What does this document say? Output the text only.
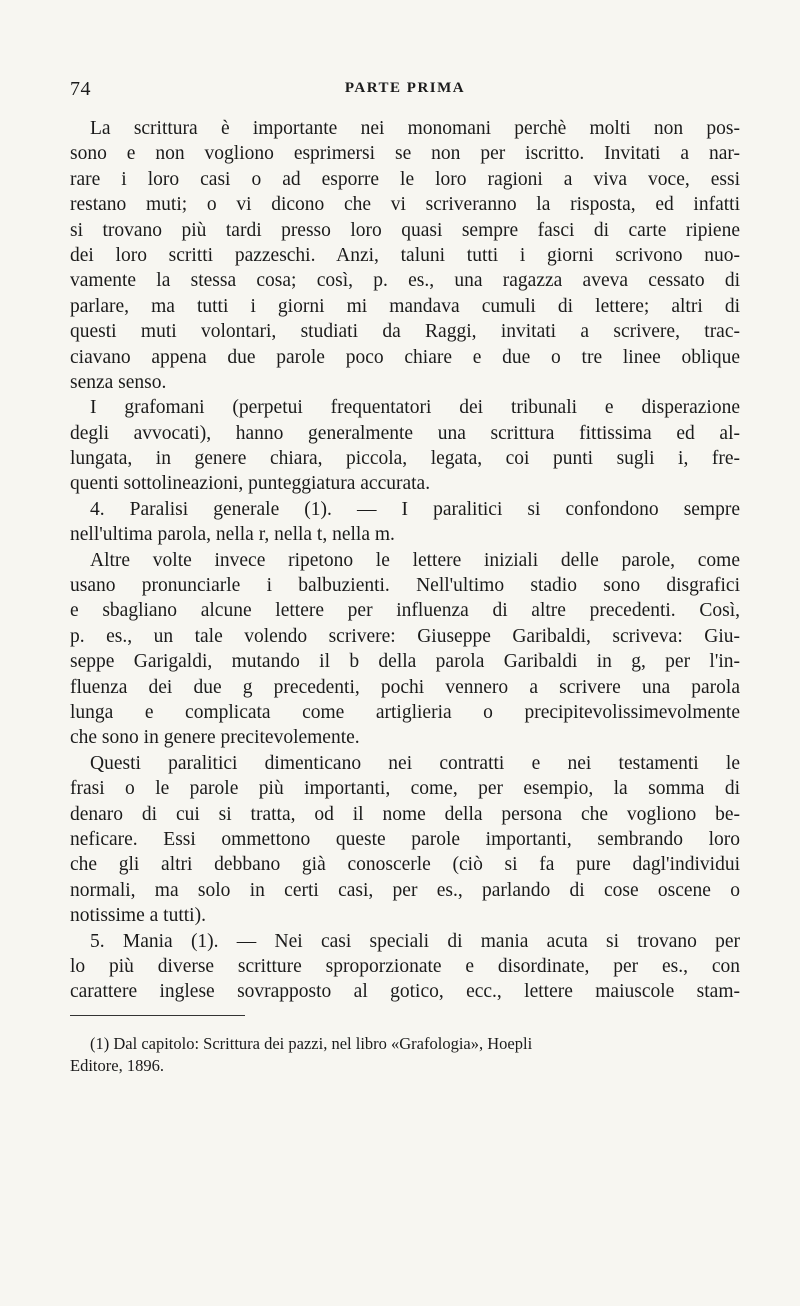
74	PARTE PRIMA
La scrittura è importante nei monomani perchè molti non pos-
sono e non vogliono esprimersi se non per iscritto. Invitati a nar-
rare i loro casi o ad esporre le loro ragioni a viva voce, essi
restano muti; o vi dicono che vi scriveranno la risposta, ed infatti
si trovano più tardi presso loro quasi sempre fasci di carte ripiene
dei loro scritti pazzeschi. Anzi, taluni tutti i giorni scrivono nuo-
vamente la stessa cosa; così, p. es., una ragazza aveva cessato di
parlare, ma tutti i giorni mi mandava cumuli di lettere; altri di
questi muti volontari, studiati da Raggi, invitati a scrivere, trac-
ciavano appena due parole poco chiare e due o tre linee oblique
senza senso.
I grafomani (perpetui frequentatori dei tribunali e disperazione
degli avvocati), hanno generalmente una scrittura fittissima ed al-
lungata, in genere chiara, piccola, legata, coi punti sugli i, fre-
quenti sottolineazioni, punteggiatura accurata.
4. Paralisi generale (1). — I paralitici si confondono sempre
nell'ultima parola, nella r, nella t, nella m.
Altre volte invece ripetono le lettere iniziali delle parole, come
usano pronunciarle i balbuzienti. Nell'ultimo stadio sono disgrafici
e sbagliano alcune lettere per influenza di altre precedenti. Così,
p. es., un tale volendo scrivere: Giuseppe Garibaldi, scriveva: Giu-
seppe Garigaldi, mutando il b della parola Garibaldi in g, per l'in-
fluenza dei due g precedenti, pochi vennero a scrivere una parola
lunga e complicata come artiglieria o precipitevolissimevolmente
che sono in genere precitevolemente.
Questi paralitici dimenticano nei contratti e nei testamenti le
frasi o le parole più importanti, come, per esempio, la somma di
denaro di cui si tratta, od il nome della persona che vogliono be-
neficare. Essi ommettono queste parole importanti, sembrando loro
che gli altri debbano già conoscerle (ciò si fa pure dagl'individui
normali, ma solo in certi casi, per es., parlando di cose oscene o
notissime a tutti).
5. Mania (1). — Nei casi speciali di mania acuta si trovano per
lo più diverse scritture sproporzionate e disordinate, per es., con
carattere inglese sovrapposto al gotico, ecc., lettere maiuscole stam-
(1) Dal capitolo: Scrittura dei pazzi, nel libro «Grafologia», Hoepli
Editore, 1896.
